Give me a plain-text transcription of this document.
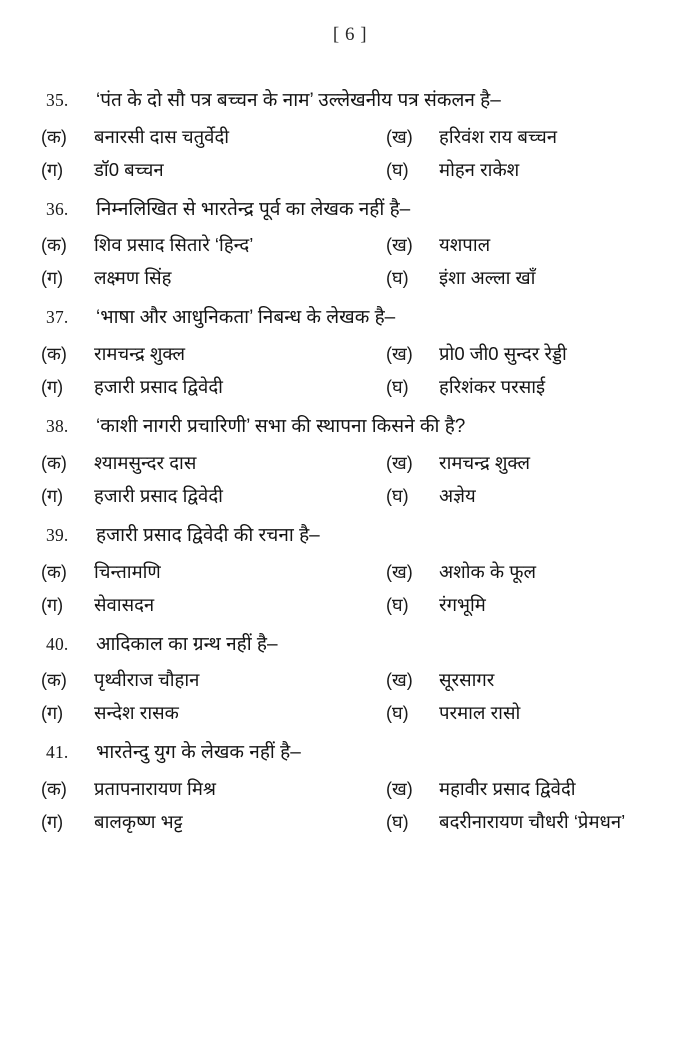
[ 6 ]
35.	‘पंत के दो सौ पत्र बच्चन के नाम’ उल्लेखनीय पत्र संकलन है–
(क)	बनारसी दास चतुर्वेदी	(ख)	हरिवंश राय बच्चन
(ग)	डॉ0 बच्चन	(घ)	मोहन राकेश
36.	निम्नलिखित से भारतेन्द्र पूर्व का लेखक नहीं है–
(क)	शिव प्रसाद सितारे ‘हिन्द’	(ख)	यशपाल
(ग)	लक्ष्मण सिंह	(घ)	इंशा अल्ला खाँ
37.	‘भाषा और आधुनिकता’ निबन्ध के लेखक है–
(क)	रामचन्द्र शुक्ल	(ख)	प्रो0 जी0 सुन्दर रेड्डी
(ग)	हजारी प्रसाद द्विवेदी	(घ)	हरिशंकर परसाई
38.	‘काशी नागरी प्रचारिणी’ सभा की स्थापना किसने की है?
(क)	श्यामसुन्दर दास	(ख)	रामचन्द्र शुक्ल
(ग)	हजारी प्रसाद द्विवेदी	(घ)	अज्ञेय
39.	हजारी प्रसाद द्विवेदी की रचना है–
(क)	चिन्तामणि	(ख)	अशोक के फूल
(ग)	सेवासदन	(घ)	रंगभूमि
40.	आदिकाल का ग्रन्थ नहीं है–
(क)	पृथ्वीराज चौहान	(ख)	सूरसागर
(ग)	सन्देश रासक	(घ)	परमाल रासो
41.	भारतेन्दु युग के लेखक नहीं है–
(क)	प्रतापनारायण मिश्र	(ख)	महावीर प्रसाद द्विवेदी
(ग)	बालकृष्ण भट्ट	(घ)	बदरीनारायण चौधरी ‘प्रेमधन’
